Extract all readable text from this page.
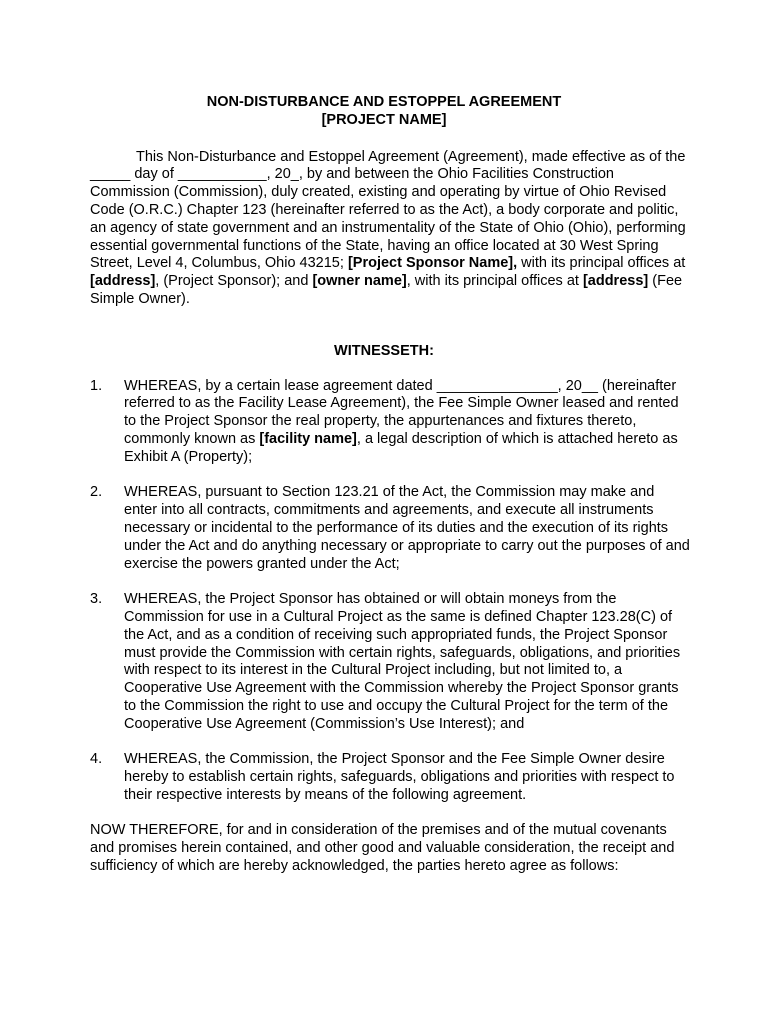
NON-DISTURBANCE AND ESTOPPEL AGREEMENT
[PROJECT NAME]
This Non-Disturbance and Estoppel Agreement (Agreement), made effective as of the _____ day of ___________, 20_, by and between the Ohio Facilities Construction Commission (Commission), duly created, existing and operating by virtue of Ohio Revised Code (O.R.C.) Chapter 123 (hereinafter referred to as the Act), a body corporate and politic, an agency of state government and an instrumentality of the State of Ohio (Ohio), performing essential governmental functions of the State, having an office located at 30 West Spring Street, Level 4, Columbus, Ohio 43215; [Project Sponsor Name], with its principal offices at [address], (Project Sponsor); and [owner name], with its principal offices at [address] (Fee Simple Owner).
WITNESSETH:
1.	WHEREAS, by a certain lease agreement dated _______________, 20__ (hereinafter referred to as the Facility Lease Agreement), the Fee Simple Owner leased and rented to the Project Sponsor the real property, the appurtenances and fixtures thereto, commonly known as [facility name], a legal description of which is attached hereto as Exhibit A (Property);
2.	WHEREAS, pursuant to Section 123.21 of the Act, the Commission may make and enter into all contracts, commitments and agreements, and execute all instruments necessary or incidental to the performance of its duties and the execution of its rights under the Act and do anything necessary or appropriate to carry out the purposes of and exercise the powers granted under the Act;
3.	WHEREAS, the Project Sponsor has obtained or will obtain moneys from the Commission for use in a Cultural Project as the same is defined Chapter 123.28(C) of the Act, and as a condition of receiving such appropriated funds, the Project Sponsor must provide the Commission with certain rights, safeguards, obligations, and priorities with respect to its interest in the Cultural Project including, but not limited to, a Cooperative Use Agreement with the Commission whereby the Project Sponsor grants to the Commission the right to use and occupy the Cultural Project for the term of the Cooperative Use Agreement (Commission’s Use Interest); and
4.	WHEREAS, the Commission, the Project Sponsor and the Fee Simple Owner desire hereby to establish certain rights, safeguards, obligations and priorities with respect to their respective interests by means of the following agreement.
NOW THEREFORE, for and in consideration of the premises and of the mutual covenants and promises herein contained, and other good and valuable consideration, the receipt and sufficiency of which are hereby acknowledged, the parties hereto agree as follows:
